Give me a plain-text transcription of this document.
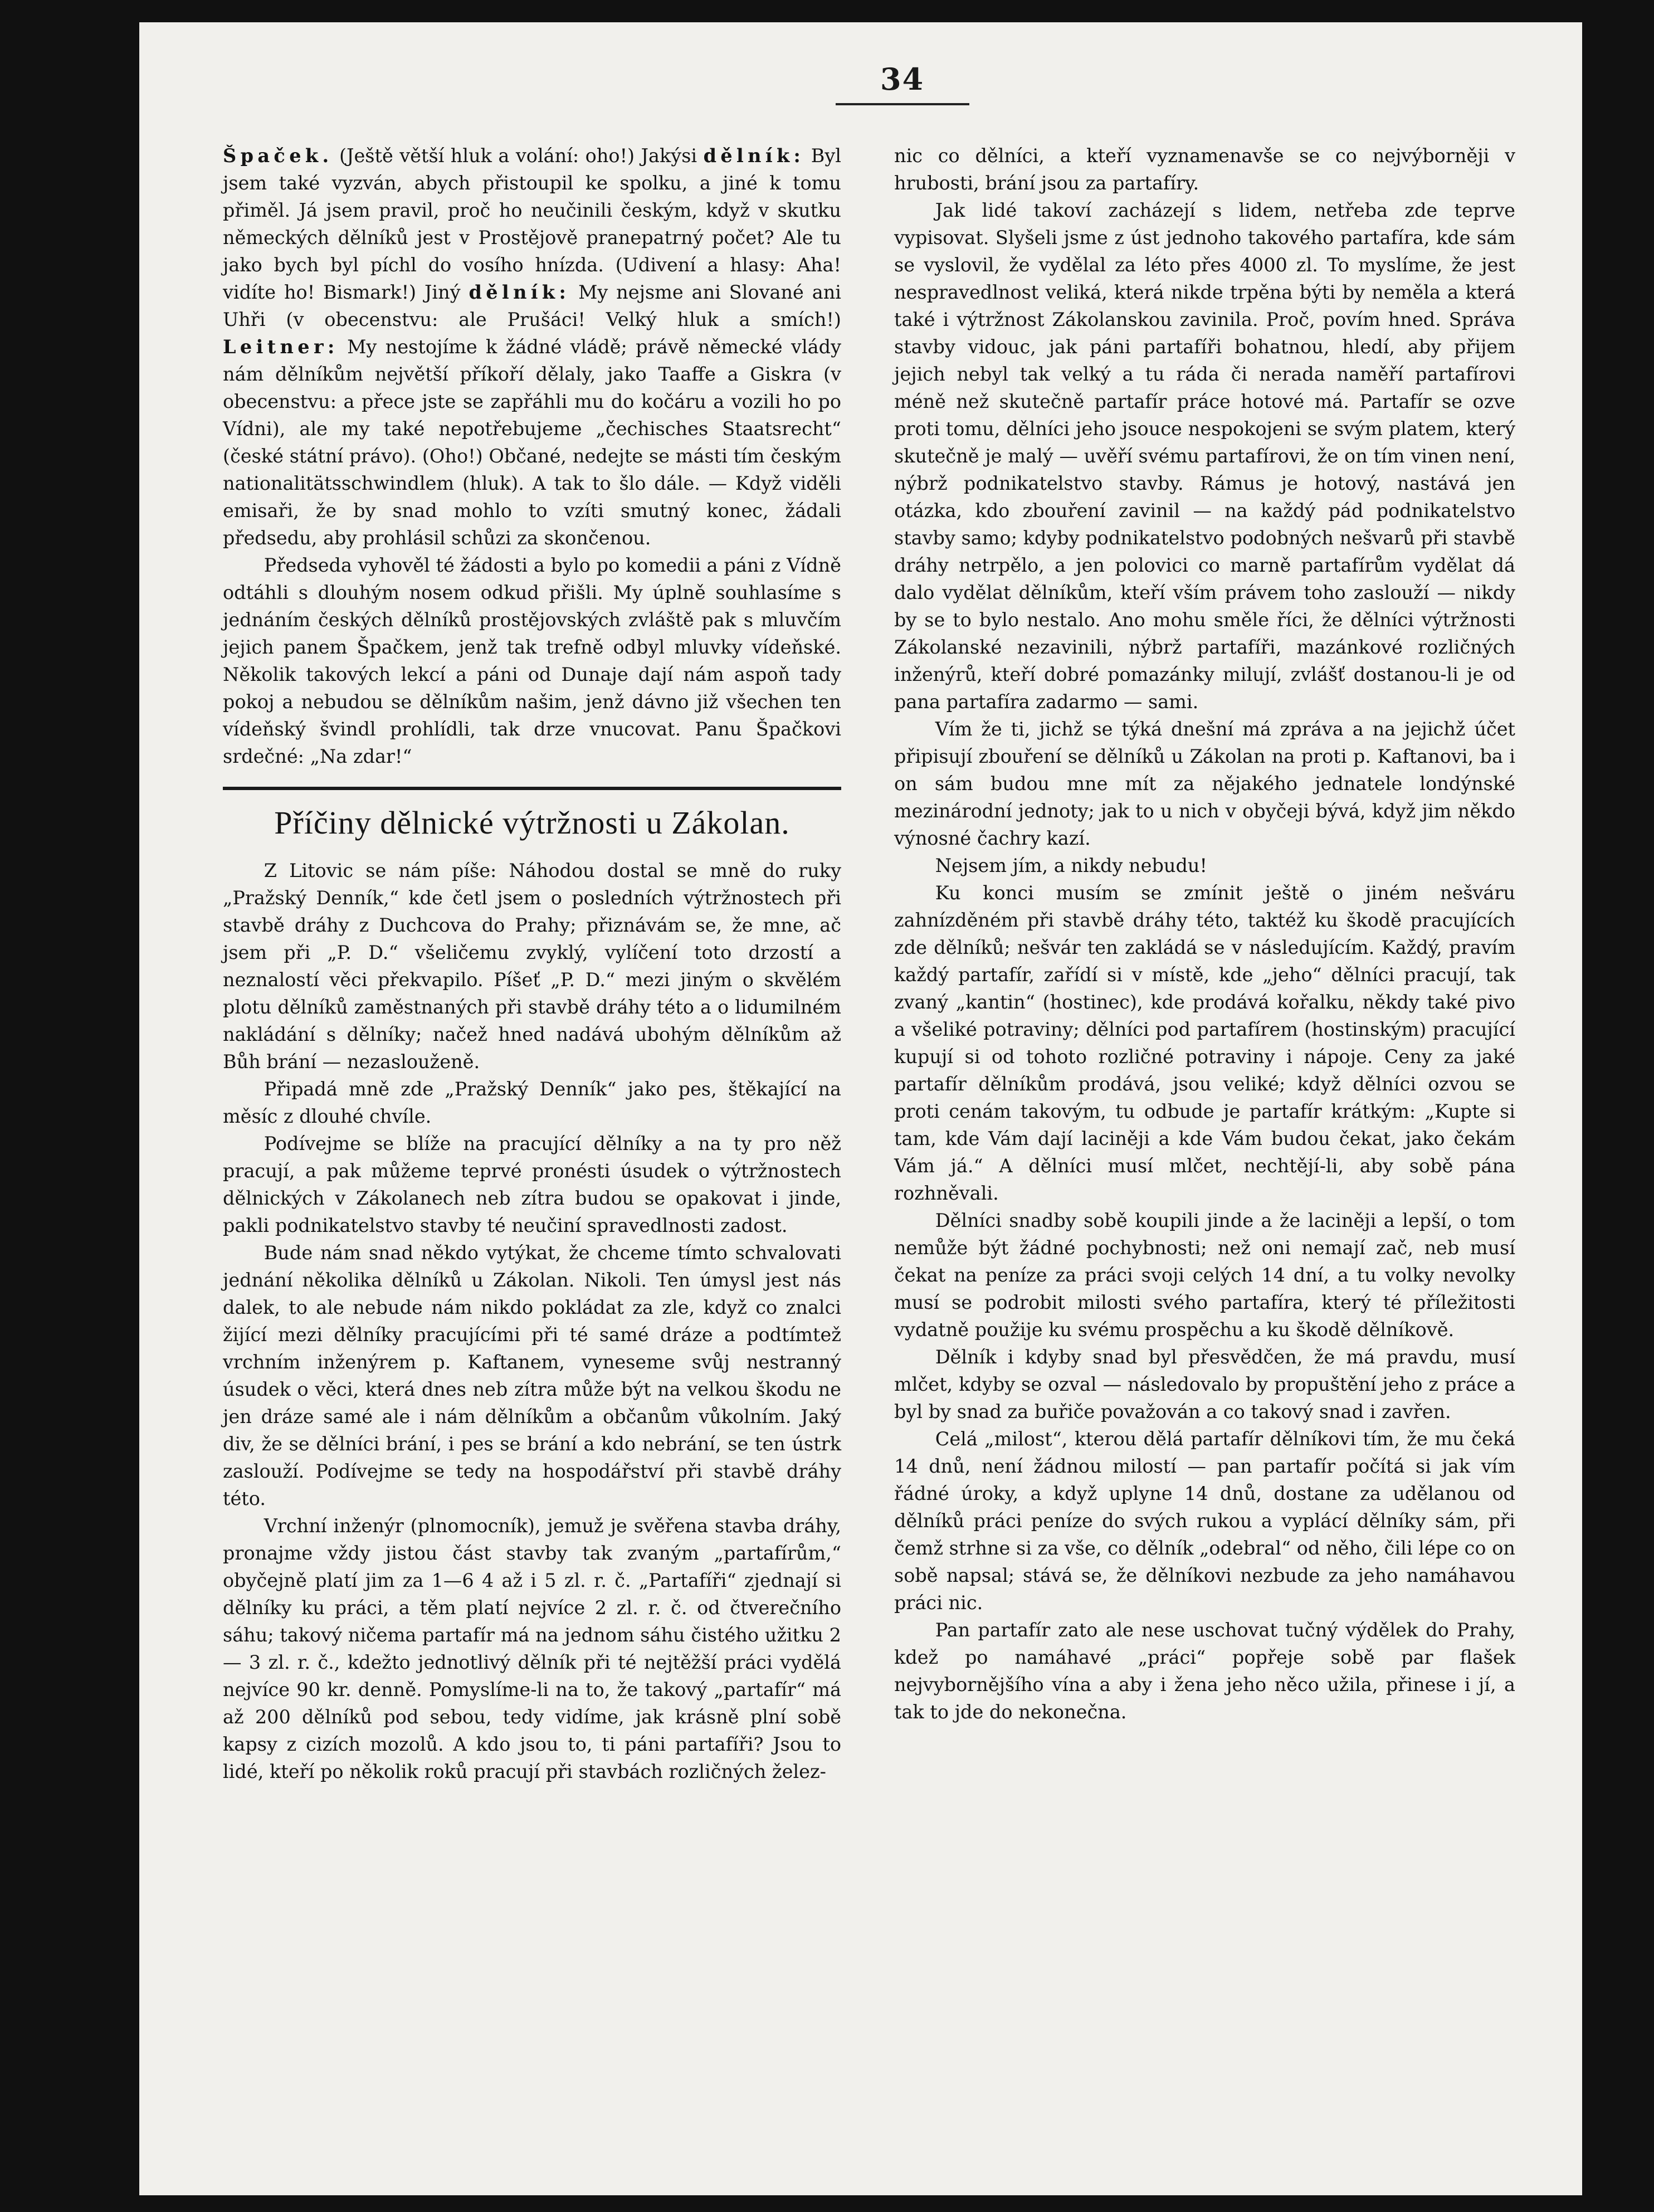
34

Špaček. (Ještě větší hluk a volání: oho!) Jakýsi dělník: Byl jsem také vyzván, abych přistoupil ke spolku, a jiné k tomu přiměl. Já jsem pravil, proč ho neučinili českým, když v skutku německých dělníků jest v Prostějově pranepatrný počet? Ale tu jako bych byl píchl do vosího hnízda. (Udivení a hlasy: Aha! vidíte ho! Bismark!) Jiný dělník: My nejsme ani Slované ani Uhři (v obecenstvu: ale Prušáci! Velký hluk a smích!) Leitner: My nestojíme k žádné vládě; právě německé vlády nám dělníkům největší příkoří dělaly, jako Taaffe a Giskra (v obecenstvu: a přece jste se zapřáhli mu do kočáru a vozili ho po Vídni), ale my také nepotřebujeme „čechisches Staatsrecht“ (české státní právo). (Oho!) Občané, nedejte se másti tím českým nationalitätsschwindlem (hluk). A tak to šlo dále. — Když viděli emisaři, že by snad mohlo to vzíti smutný konec, žádali předsedu, aby prohlásil schůzi za skončenou.

Předseda vyhověl té žádosti a bylo po komedii a páni z Vídně odtáhli s dlouhým nosem odkud přišli. My úplně souhlasíme s jednáním českých dělníků prostějovských zvláště pak s mluvčím jejich panem Špačkem, jenž tak trefně odbyl mluvky vídeňské. Několik takových lekcí a páni od Dunaje dají nám aspoň tady pokoj a nebudou se dělníkům našim, jenž dávno již všechen ten vídeňský švindl prohlídli, tak drze vnucovat. Panu Špačkovi srdečné: „Na zdar!“

Příčiny dělnické výtržnosti u Zákolan.

Z Litovic se nám píše: Náhodou dostal se mně do ruky „Pražský Denník,“ kde četl jsem o posledních výtržnostech při stavbě dráhy z Duchcova do Prahy; přiznávám se, že mne, ač jsem při „P. D.“ všeličemu zvyklý, vylíčení toto drzostí a neznalostí věci překvapilo. Píšeť „P. D.“ mezi jiným o skvělém plotu dělníků zaměstnaných při stavbě dráhy této a o lidumilném nakládání s dělníky; načež hned nadává ubohým dělníkům až Bůh brání — nezaslouženě.

Připadá mně zde „Pražský Denník“ jako pes, štěkající na měsíc z dlouhé chvíle.

Podívejme se blíže na pracující dělníky a na ty pro něž pracují, a pak můžeme teprvé pronésti úsudek o výtržnostech dělnických v Zákolanech neb zítra budou se opakovat i jinde, pakli podnikatelstvo stavby té neučiní spravedlnosti zadost.

Bude nám snad někdo vytýkat, že chceme tímto schvalovati jednání několika dělníků u Zákolan. Nikoli. Ten úmysl jest nás dalek, to ale nebude nám nikdo pokládat za zle, když co znalci žijící mezi dělníky pracujícími při té samé dráze a podtímtež vrchním inženýrem p. Kaftanem, vyneseme svůj nestranný úsudek o věci, která dnes neb zítra může být na velkou škodu ne jen dráze samé ale i nám dělníkům a občanům vůkolním. Jaký div, že se dělníci brání, i pes se brání a kdo nebrání, se ten ústrk zaslouží. Podívejme se tedy na hospodářství při stavbě dráhy této.

Vrchní inženýr (plnomocník), jemuž je svěřena stavba dráhy, pronajme vždy jistou část stavby tak zvaným „partafírům,“ obyčejně platí jim za 1—6 4 až i 5 zl. r. č. „Partafíři“ zjednají si dělníky ku práci, a těm platí nejvíce 2 zl. r. č. od čtverečního sáhu; takový ničema partafír má na jednom sáhu čistého užitku 2 — 3 zl. r. č., kdežto jednotlivý dělník při té nejtěžší práci vydělá nejvíce 90 kr. denně. Pomyslíme-li na to, že takový „partafír“ má až 200 dělníků pod sebou, tedy vidíme, jak krásně plní sobě kapsy z cizích mozolů. A kdo jsou to, ti páni partafíři? Jsou to lidé, kteří po několik roků pracují při stavbách rozličných želez-

nic co dělníci, a kteří vyznamenavše se co nejvýborněji v hrubosti, brání jsou za partafíry.

Jak lidé takoví zacházejí s lidem, netřeba zde teprve vypisovat. Slyšeli jsme z úst jednoho takového partafíra, kde sám se vyslovil, že vydělal za léto přes 4000 zl. To myslíme, že jest nespravedlnost veliká, která nikde trpěna býti by neměla a která také i výtržnost Zákolanskou zavinila. Proč, povím hned. Správa stavby vidouc, jak páni partafíři bohatnou, hledí, aby přijem jejich nebyl tak velký a tu ráda či nerada naměří partafírovi méně než skutečně partafír práce hotové má. Partafír se ozve proti tomu, dělníci jeho jsouce nespokojeni se svým platem, který skutečně je malý — uvěří svému partafírovi, že on tím vinen není, nýbrž podnikatelstvo stavby. Rámus je hotový, nastává jen otázka, kdo zbouření zavinil — na každý pád podnikatelstvo stavby samo; kdyby podnikatelstvo podobných nešvarů při stavbě dráhy netrpělo, a jen polovici co marně partafírům vydělat dá dalo vydělat dělníkům, kteří vším právem toho zaslouží — nikdy by se to bylo nestalo. Ano mohu směle říci, že dělníci výtržnosti Zákolanské nezavinili, nýbrž partafíři, mazánkové rozličných inženýrů, kteří dobré pomazánky milují, zvlášť dostanou-li je od pana partafíra zadarmo — sami.

Vím že ti, jichž se týká dnešní má zpráva a na jejichž účet připisují zbouření se dělníků u Zákolan na proti p. Kaftanovi, ba i on sám budou mne mít za nějakého jednatele londýnské mezinárodní jednoty; jak to u nich v obyčeji bývá, když jim někdo výnosné čachry kazí.

Nejsem jím, a nikdy nebudu!

Ku konci musím se zmínit ještě o jiném nešváru zahnízděném při stavbě dráhy této, taktéž ku škodě pracujících zde dělníků; nešvár ten zakládá se v následujícím. Každý, pravím každý partafír, zařídí si v místě, kde „jeho“ dělníci pracují, tak zvaný „kantin“ (hostinec), kde prodává kořalku, někdy také pivo a všeliké potraviny; dělníci pod partafírem (hostinským) pracující kupují si od tohoto rozličné potraviny i nápoje. Ceny za jaké partafír dělníkům prodává, jsou veliké; když dělníci ozvou se proti cenám takovým, tu odbude je partafír krátkým: „Kupte si tam, kde Vám dají laciněji a kde Vám budou čekat, jako čekám Vám já.“ A dělníci musí mlčet, nechtějí-li, aby sobě pána rozhněvali.

Dělníci snadby sobě koupili jinde a že laciněji a lepší, o tom nemůže být žádné pochybnosti; než oni nemají zač, neb musí čekat na peníze za práci svoji celých 14 dní, a tu volky nevolky musí se podrobit milosti svého partafíra, který té příležitosti vydatně použije ku svému prospěchu a ku škodě dělníkově.

Dělník i kdyby snad byl přesvědčen, že má pravdu, musí mlčet, kdyby se ozval — následovalo by propuštění jeho z práce a byl by snad za buřiče považován a co takový snad i zavřen.

Celá „milost“, kterou dělá partafír dělníkovi tím, že mu čeká 14 dnů, není žádnou milostí — pan partafír počítá si jak vím řádné úroky, a když uplyne 14 dnů, dostane za udělanou od dělníků práci peníze do svých rukou a vyplácí dělníky sám, při čemž strhne si za vše, co dělník „odebral“ od něho, čili lépe co on sobě napsal; stává se, že dělníkovi nezbude za jeho namáhavou práci nic.

Pan partafír zato ale nese uschovat tučný výdělek do Prahy, kdež po namáhavé „práci“ popřeje sobě par flašek nejvybornějšího vína a aby i žena jeho něco užila, přinese i jí, a tak to jde do nekonečna.
